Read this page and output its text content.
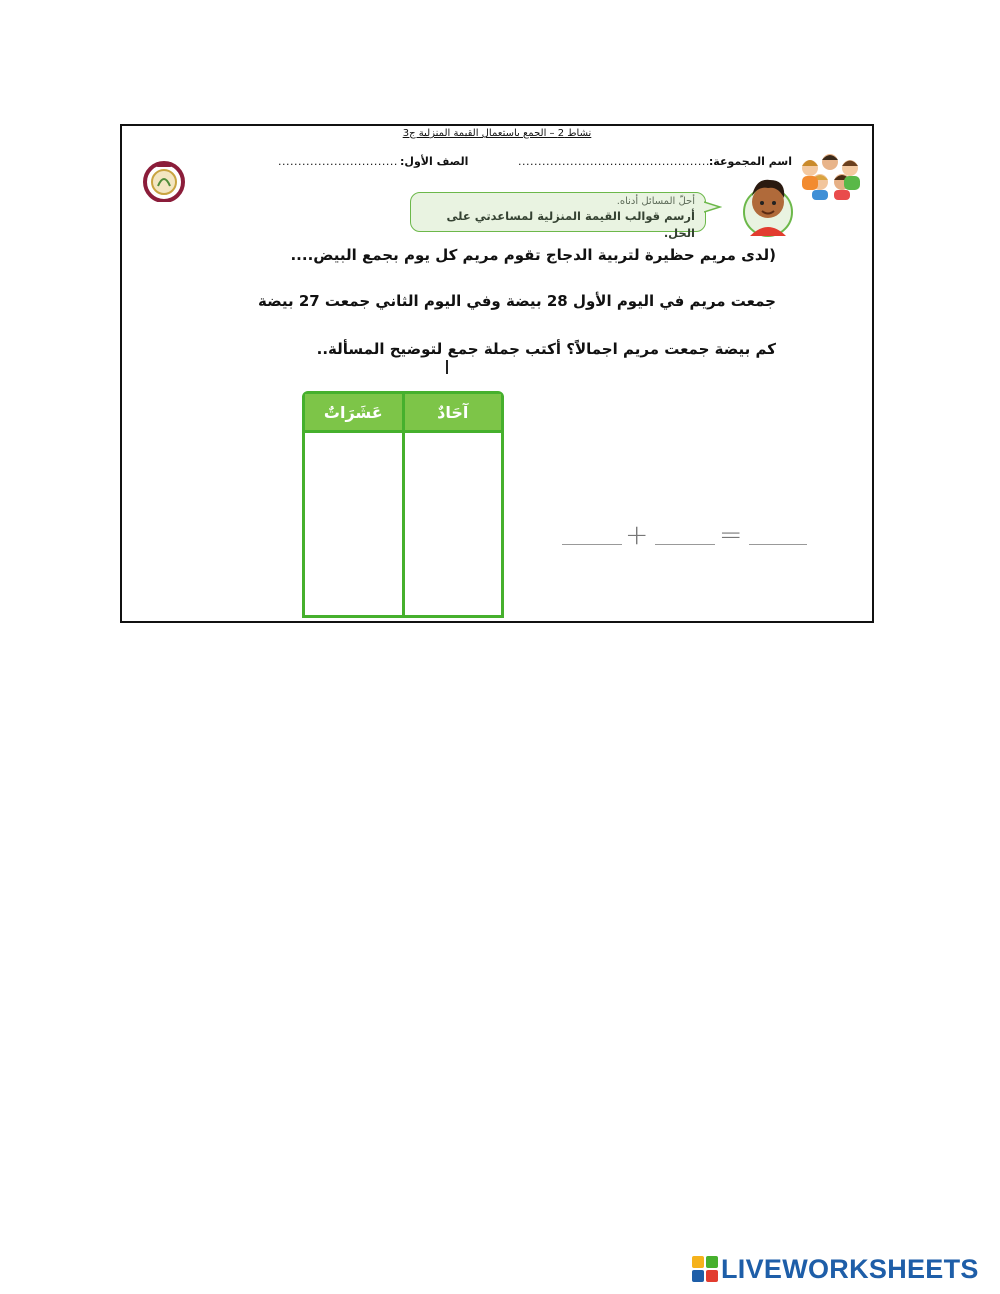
نشاط 2 – الجمع باستعمال القيمة المنزلية ج3
اسم المجموعة:
..................................................
الصف الأول:
..............................
أحلّ المسائل أدناه.
أرسم قوالب القيمة المنزلية لمساعدتي على الحل.
(لدى مريم حظيرة لتربية الدجاج تقوم مريم كل يوم بجمع البيض....
جمعت مريم في اليوم الأول 28 بيضة وفي اليوم الثاني جمعت 27 بيضة
كم بيضة جمعت مريم اجمالاً؟ أكتب جملة جمع لتوضيح المسألة..
عَشَرَاتٌ	آحَادٌ
+	=
LIVEWORKSHEETS
